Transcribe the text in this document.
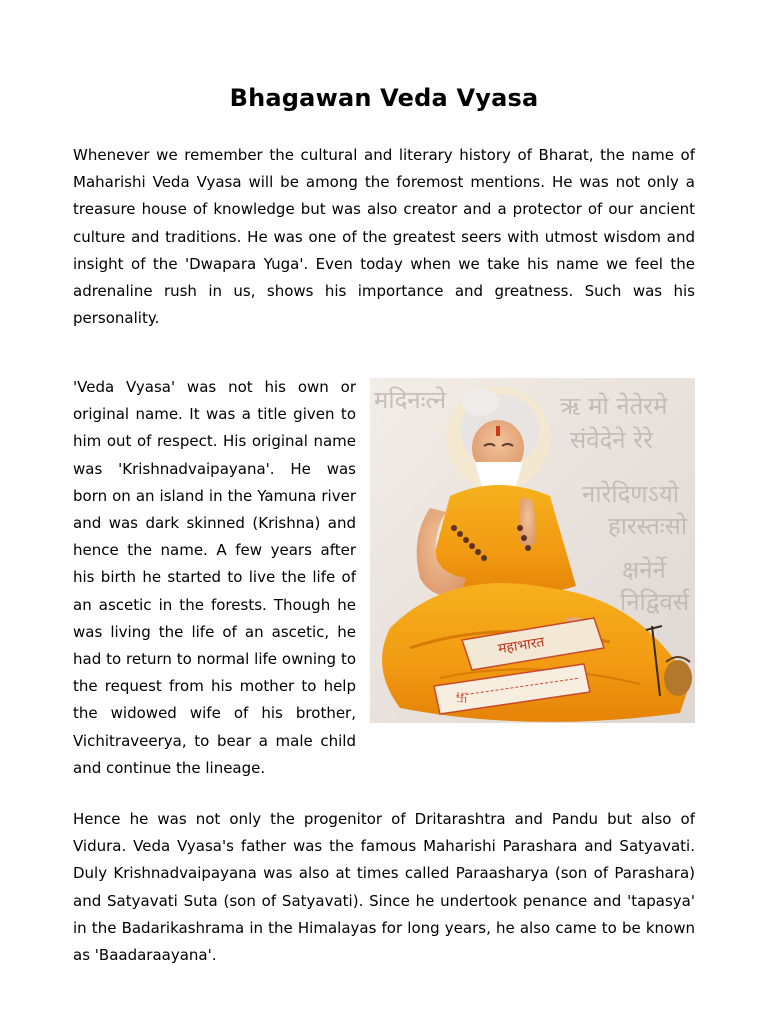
Bhagawan Veda Vyasa

Whenever we remember the cultural and literary history of Bharat, the name of Maharishi Veda Vyasa will be among the foremost mentions. He was not only a treasure house of knowledge but was also creator and a protector of our ancient culture and traditions. He was one of the greatest seers with utmost wisdom and insight of the 'Dwapara Yuga'. Even today when we take his name we feel the adrenaline rush in us, shows his importance and greatness. Such was his personality.

'Veda Vyasa' was not his own or original name. It was a title given to him out of respect. His original name was 'Krishnadvaipayana'. He was born on an island in the Yamuna river and was dark skinned (Krishna) and hence the name. A few years after his birth he started to live the life of an ascetic in the forests. Though he was living the life of an ascetic, he had to return to normal life owning to the request from his mother to help the widowed wife of his brother, Vichitraveerya, to bear a male child and continue the lineage.

ऋ मो नेतेरमे
संवेदेने रेरे
नारेदिणऽयो
हारस्तःसो
क्षनेर्ने
निद्विवर्स
मदिनःत्ने
महाभारत
卐

Hence he was not only the progenitor of Dritarashtra and Pandu but also of Vidura. Veda Vyasa's father was the famous Maharishi Parashara and Satyavati. Duly Krishnadvaipayana was also at times called Paraasharya (son of Parashara) and Satyavati Suta (son of Satyavati). Since he undertook penance and 'tapasya' in the Badarikashrama in the Himalayas for long years, he also came to be known as 'Baadaraayana'.
